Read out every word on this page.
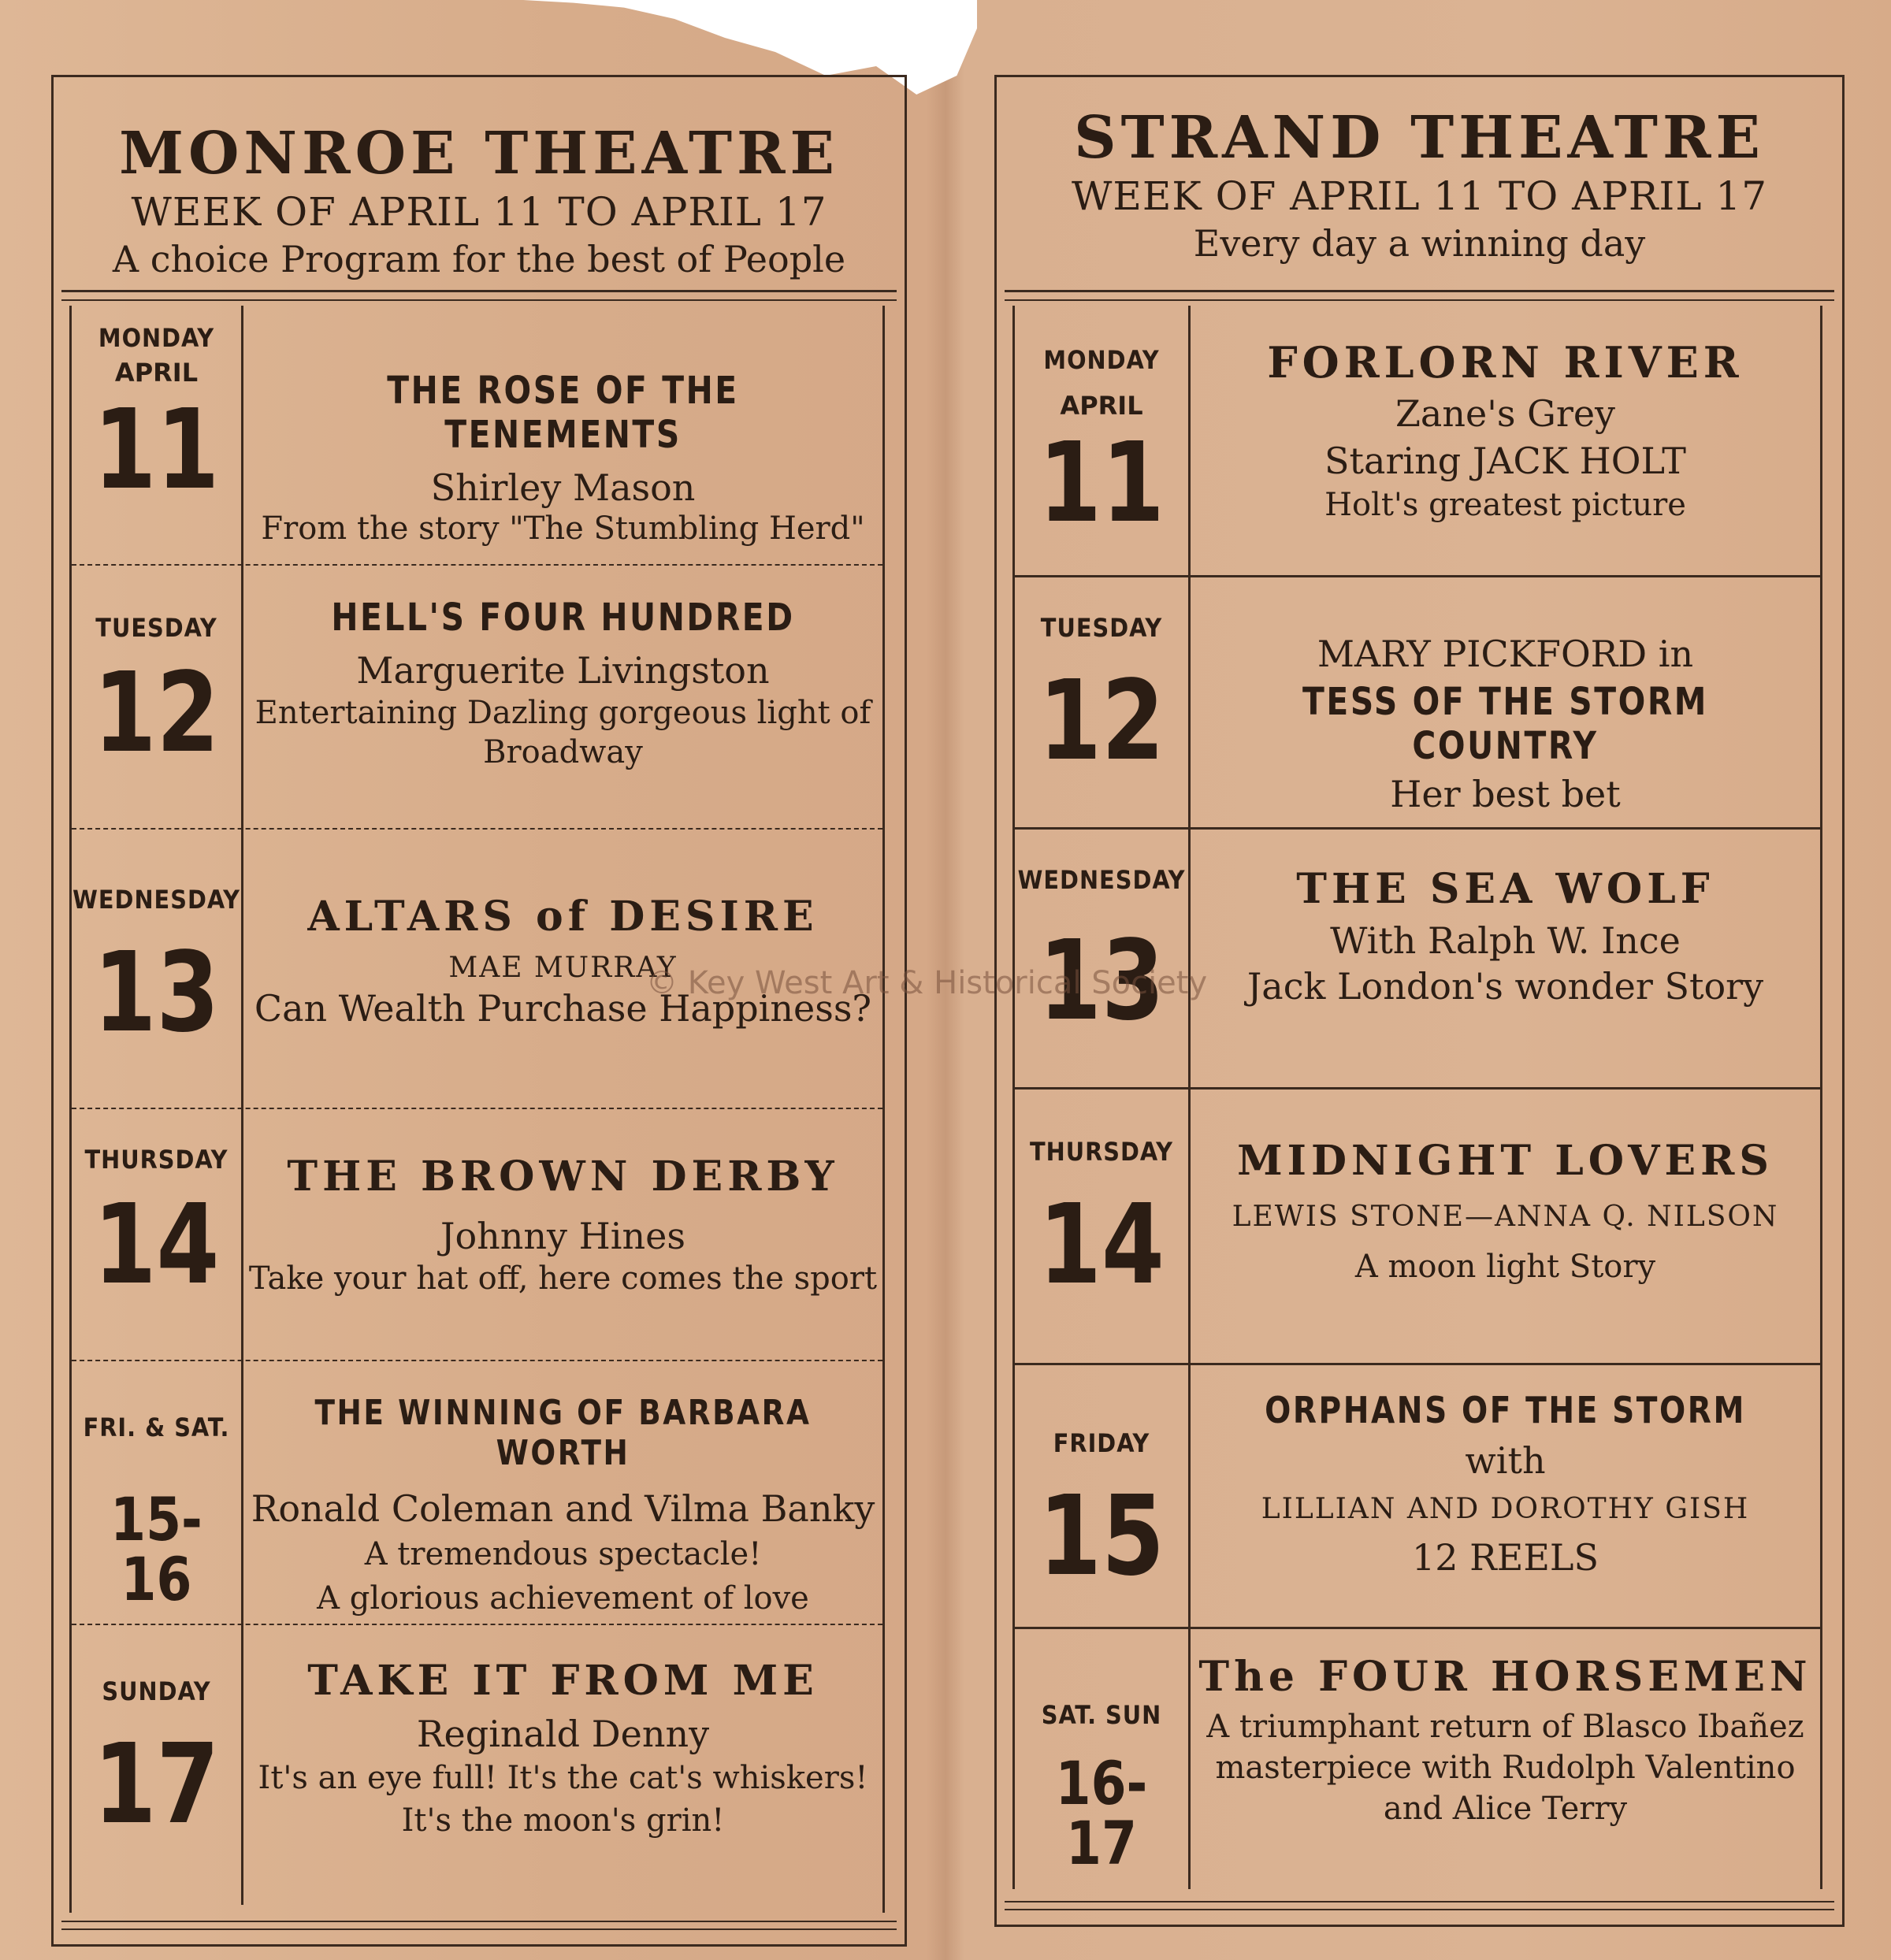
MONROE THEATRE
WEEK OF APRIL 11 TO APRIL 17
A choice Program for the best of People
MONDAY
APRIL
11	THE ROSE OF THE TENEMENTS
Shirley Mason
From the story "The Stumbling Herd"
TUESDAY
12
HELL'S FOUR HUNDRED
Marguerite Livingston
Entertaining Dazling gorgeous light of
Broadway
WEDNESDAY
13
ALTARS of DESIRE
MAE MURRAY
Can Wealth Purchase Happiness?
THURSDAY
14
THE BROWN DERBY
Johnny Hines
Take your hat off, here comes the sport
FRI. & SAT.
15-16
THE WINNING OF BARBARA WORTH
Ronald Coleman and Vilma Banky
A tremendous spectacle!
A glorious achievement of love
SUNDAY
17
TAKE IT FROM ME
Reginald Denny
It's an eye full! It's the cat's whiskers!
It's the moon's grin!
STRAND THEATRE
WEEK OF APRIL 11 TO APRIL 17
Every day a winning day
MONDAY
APRIL
11
FORLORN RIVER
Zane's Grey
Staring JACK HOLT
Holt's greatest picture
TUESDAY
12
MARY PICKFORD in
TESS OF THE STORM COUNTRY
Her best bet
WEDNESDAY
13
THE SEA WOLF
With Ralph W. Ince
Jack London's wonder Story
THURSDAY
14
MIDNIGHT LOVERS
LEWIS STONE—ANNA Q. NILSON
A moon light Story
FRIDAY
15
ORPHANS OF THE STORM
with
LILLIAN AND DOROTHY GISH
12 REELS
SAT. SUN
16-17
The FOUR HORSEMEN
A triumphant return of Blasco Ibañez
masterpiece with Rudolph Valentino
and Alice Terry
© Key West Art & Historical Society
